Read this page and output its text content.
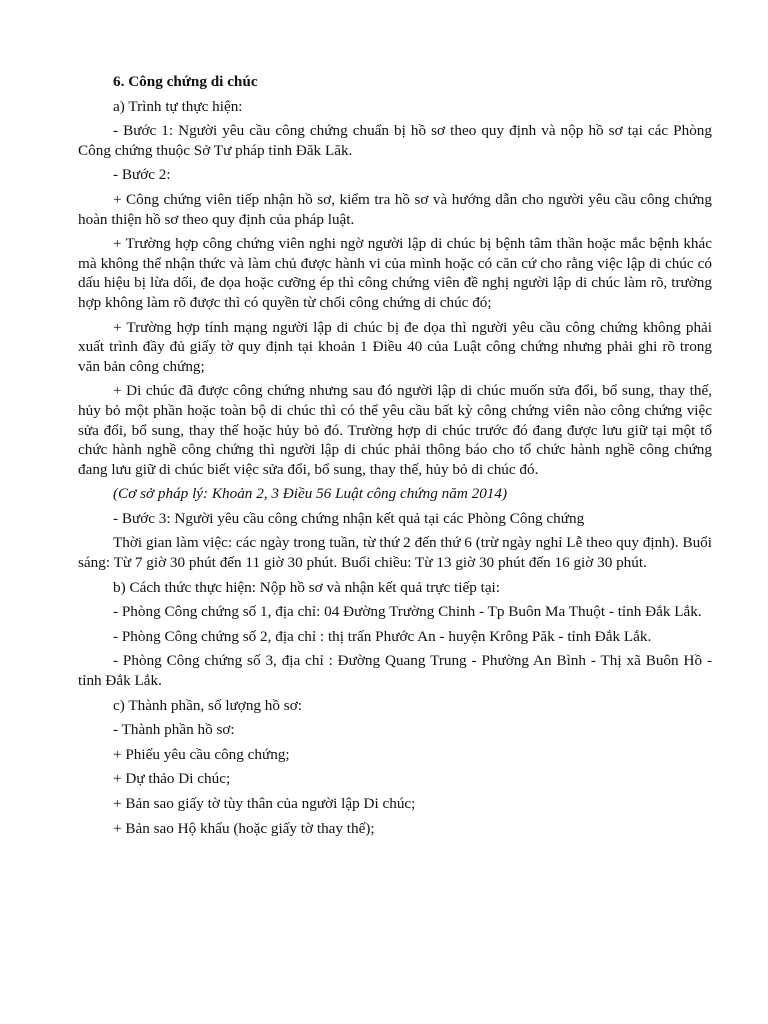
6. Công chứng di chúc

a) Trình tự thực hiện:

- Bước 1: Người yêu cầu công chứng chuẩn bị hồ sơ theo quy định và nộp hồ sơ tại các Phòng Công chứng thuộc Sở Tư pháp tỉnh Đăk Lăk.

- Bước 2:

+ Công chứng viên tiếp nhận hồ sơ, kiểm tra hồ sơ và hướng dẫn cho người yêu cầu công chứng hoàn thiện hồ sơ theo quy định của pháp luật.

+ Trường hợp công chứng viên nghi ngờ người lập di chúc bị bệnh tâm thần hoặc mắc bệnh khác mà không thể nhận thức và làm chủ được hành vi của mình hoặc có căn cứ cho rằng việc lập di chúc có dấu hiệu bị lừa dối, đe dọa hoặc cưỡng ép thì công chứng viên đề nghị người lập di chúc làm rõ, trường hợp không làm rõ được thì có quyền từ chối công chứng di chúc đó;

+ Trường hợp tính mạng người lập di chúc bị đe dọa thì người yêu cầu công chứng không phải xuất trình đầy đủ giấy tờ quy định tại khoản 1 Điều 40 của Luật công chứng nhưng phải ghi rõ trong văn bản công chứng;

+ Di chúc đã được công chứng nhưng sau đó người lập di chúc muốn sửa đổi, bổ sung, thay thế, hủy bỏ một phần hoặc toàn bộ di chúc thì có thể yêu cầu bất kỳ công chứng viên nào công chứng việc sửa đổi, bổ sung, thay thế hoặc hủy bỏ đó. Trường hợp di chúc trước đó đang được lưu giữ tại một tổ chức hành nghề công chứng thì người lập di chúc phải thông báo cho tổ chức hành nghề công chứng đang lưu giữ di chúc biết việc sửa đổi, bổ sung, thay thế, hủy bỏ di chúc đó.

(Cơ sở pháp lý: Khoản 2, 3 Điều 56 Luật công chứng năm 2014)

- Bước 3: Người yêu cầu công chứng nhận kết quả tại các Phòng Công chứng

Thời gian làm việc: các ngày trong tuần, từ thứ 2 đến thứ 6 (trừ ngày nghỉ Lễ theo quy định). Buổi sáng: Từ 7 giờ 30 phút đến 11 giờ 30 phút. Buổi chiều: Từ 13 giờ 30 phút đến 16 giờ 30 phút.

b) Cách thức thực hiện: Nộp hồ sơ và nhận kết quả trực tiếp tại:

- Phòng Công chứng số 1, địa chỉ: 04 Đường Trường Chinh - Tp Buôn Ma Thuột - tỉnh Đắk Lắk.

- Phòng Công chứng số 2, địa chỉ : thị trấn Phước An - huyện Krông Păk - tỉnh Đắk Lắk.

- Phòng Công chứng số 3, địa chỉ : Đường Quang Trung - Phường An Bình - Thị xã Buôn Hồ - tỉnh Đắk Lắk.

c) Thành phần, số lượng hồ sơ:

- Thành phần hồ sơ:

+ Phiếu yêu cầu công chứng;

+ Dự thảo Di chúc;

+ Bản sao giấy tờ tùy thân của người lập Di chúc;

+ Bản sao Hộ khẩu (hoặc giấy tờ thay thế);
